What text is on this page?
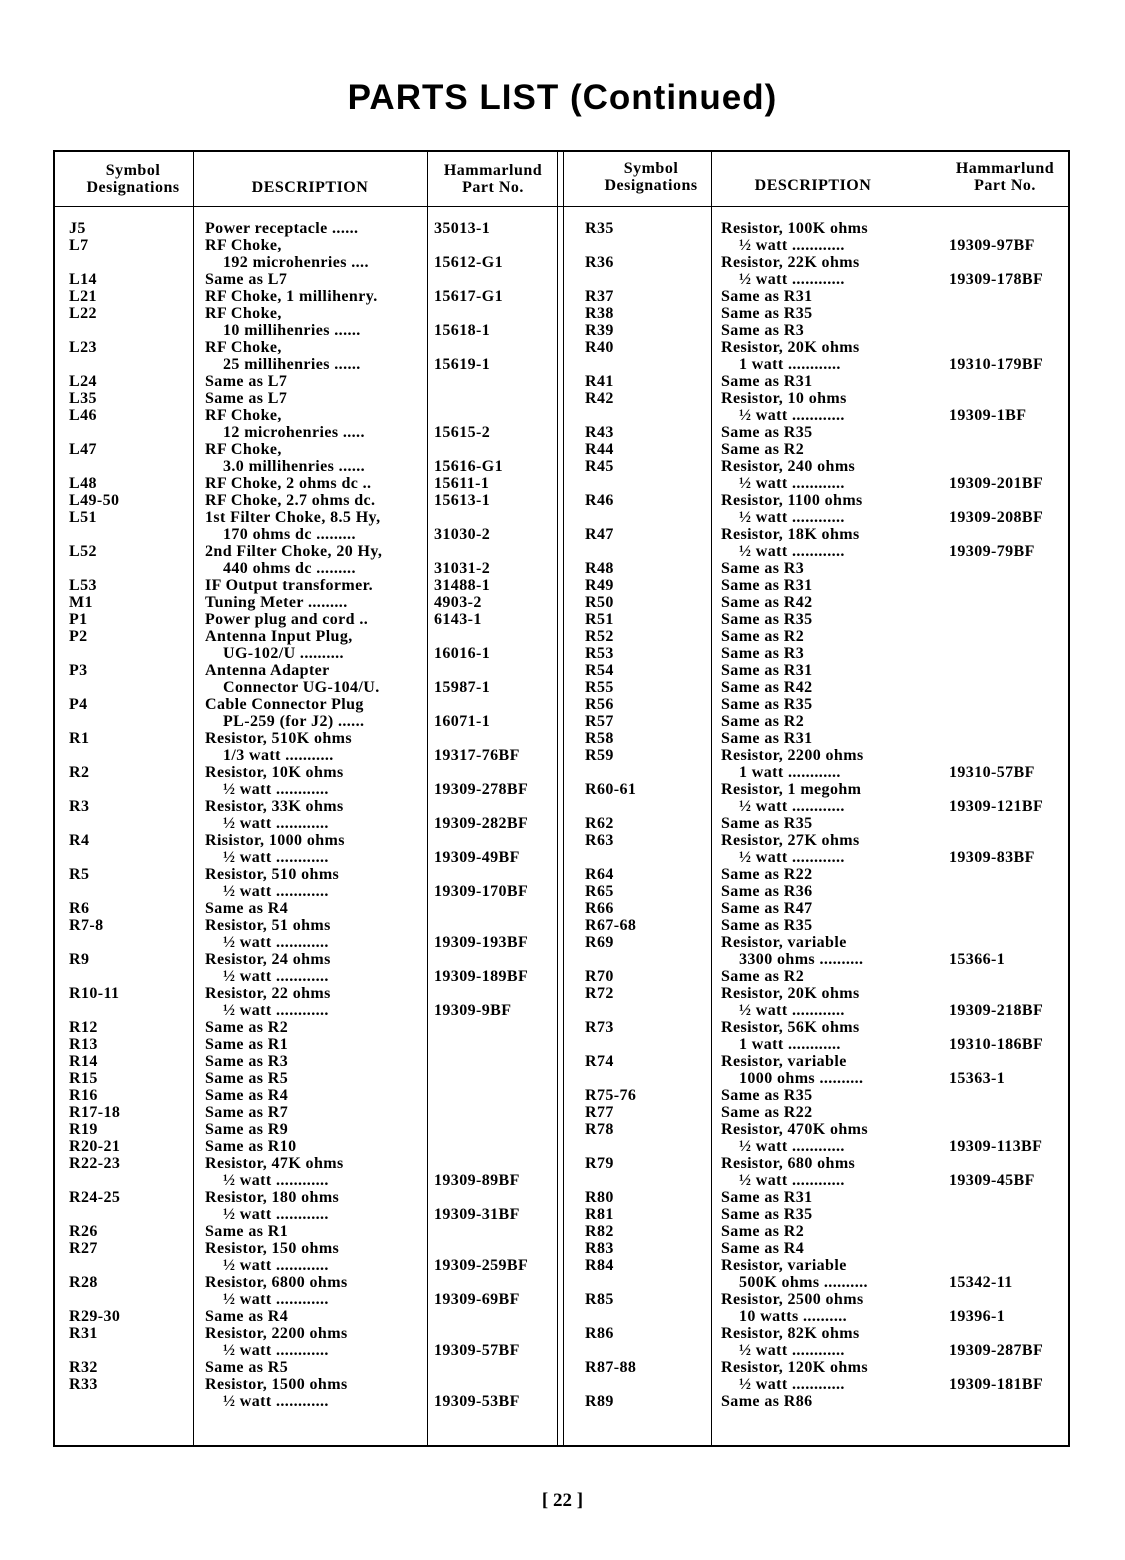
PARTS LIST (Continued)
Symbol
Designations	DESCRIPTION
Hammarlund
Part No.
Symbol
Designations	DESCRIPTION
Hammarlund
Part No.
J5	Power receptacle ......	35013-1
L7	RF Choke,
192 microhenries ....	15612-G1
L14	Same as L7
L21	RF Choke, 1 millihenry.	15617-G1
L22	RF Choke,
10 millihenries ......	15618-1
L23	RF Choke,
25 millihenries ......	15619-1
L24	Same as L7
L35	Same as L7
L46	RF Choke,
12 microhenries .....	15615-2
L47	RF Choke,
3.0 millihenries ......	15616-G1
L48	RF Choke, 2 ohms dc ..	15611-1
L49-50	RF Choke, 2.7 ohms dc.	15613-1
L51	1st Filter Choke, 8.5 Hy,
170 ohms dc .........	31030-2
L52	2nd Filter Choke, 20 Hy,
440 ohms dc .........	31031-2
L53	IF Output transformer.	31488-1
M1	Tuning Meter .........	4903-2
P1	Power plug and cord ..	6143-1
P2	Antenna Input Plug,
UG-102/U ..........	16016-1
P3	Antenna Adapter
Connector UG-104/U.	15987-1
P4	Cable Connector Plug
PL-259 (for J2) ......	16071-1
R1	Resistor, 510K ohms
1/3 watt ...........	19317-76BF
R2	Resistor, 10K ohms
½ watt ............	19309-278BF
R3	Resistor, 33K ohms
½ watt ............	19309-282BF
R4	Risistor, 1000 ohms
½ watt ............	19309-49BF
R5	Resistor, 510 ohms
½ watt ............	19309-170BF
R6	Same as R4
R7-8	Resistor, 51 ohms
½ watt ............	19309-193BF
R9	Resistor, 24 ohms
½ watt ............	19309-189BF
R10-11	Resistor, 22 ohms
½ watt ............	19309-9BF
R12	Same as R2
R13	Same as R1
R14	Same as R3
R15	Same as R5
R16	Same as R4
R17-18	Same as R7
R19	Same as R9
R20-21	Same as R10
R22-23	Resistor, 47K ohms
½ watt ............	19309-89BF
R24-25	Resistor, 180 ohms
½ watt ............	19309-31BF
R26	Same as R1
R27	Resistor, 150 ohms
½ watt ............	19309-259BF
R28	Resistor, 6800 ohms
½ watt ............	19309-69BF
R29-30	Same as R4
R31	Resistor, 2200 ohms
½ watt ............	19309-57BF
R32	Same as R5
R33	Resistor, 1500 ohms
½ watt ............	19309-53BF
R35	Resistor, 100K ohms
½ watt ............	19309-97BF
R36	Resistor, 22K ohms
½ watt ............	19309-178BF
R37	Same as R31
R38	Same as R35
R39	Same as R3
R40	Resistor, 20K ohms
1 watt ............	19310-179BF
R41	Same as R31
R42	Resistor, 10 ohms
½ watt ............	19309-1BF
R43	Same as R35
R44	Same as R2
R45	Resistor, 240 ohms
½ watt ............	19309-201BF
R46	Resistor, 1100 ohms
½ watt ............	19309-208BF
R47	Resistor, 18K ohms
½ watt ............	19309-79BF
R48	Same as R3
R49	Same as R31
R50	Same as R42
R51	Same as R35
R52	Same as R2
R53	Same as R3
R54	Same as R31
R55	Same as R42
R56	Same as R35
R57	Same as R2
R58	Same as R31
R59	Resistor, 2200 ohms
1 watt ............	19310-57BF
R60-61	Resistor, 1 megohm
½ watt ............	19309-121BF
R62	Same as R35
R63	Resistor, 27K ohms
½ watt ............	19309-83BF
R64	Same as R22
R65	Same as R36
R66	Same as R47
R67-68	Same as R35
R69	Resistor, variable
3300 ohms ..........	15366-1
R70	Same as R2
R72	Resistor, 20K ohms
½ watt ............	19309-218BF
R73	Resistor, 56K ohms
1 watt ............	19310-186BF
R74	Resistor, variable
1000 ohms ..........	15363-1
R75-76	Same as R35
R77	Same as R22
R78	Resistor, 470K ohms
½ watt ............	19309-113BF
R79	Resistor, 680 ohms
½ watt ............	19309-45BF
R80	Same as R31
R81	Same as R35
R82	Same as R2
R83	Same as R4
R84	Resistor, variable
500K ohms ..........	15342-11
R85	Resistor, 2500 ohms
10 watts ..........	19396-1
R86	Resistor, 82K ohms
½ watt ............	19309-287BF
R87-88	Resistor, 120K ohms
½ watt ............	19309-181BF
R89	Same as R86
[ 22 ]
